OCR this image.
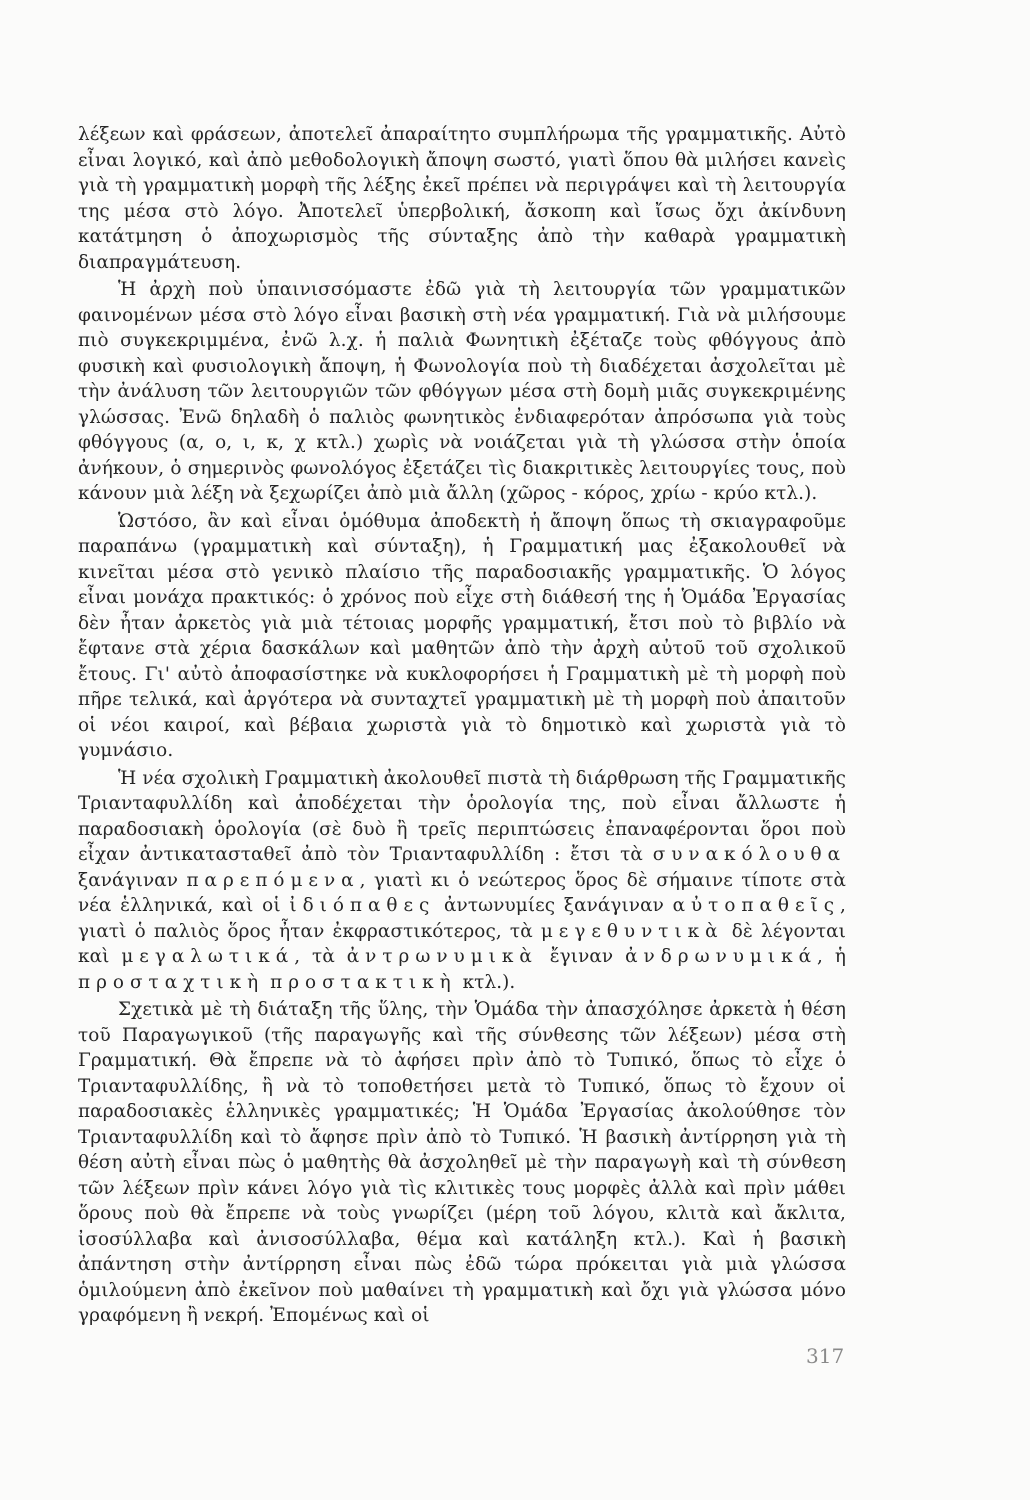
λέξεων καὶ φράσεων, ἀποτελεῖ ἀπαραίτητο συμπλήρωμα τῆς γραμματικῆς. Αὐτὸ εἶναι λογικό, καὶ ἀπὸ μεθοδολογικὴ ἄποψη σωστό, γιατὶ ὅπου θὰ μιλήσει κανεὶς γιὰ τὴ γραμματικὴ μορφὴ τῆς λέξης ἐκεῖ πρέπει νὰ περιγράψει καὶ τὴ λειτουργία της μέσα στὸ λόγο. Ἀποτελεῖ ὑπερβολική, ἄσκοπη καὶ ἴσως ὄχι ἀκίνδυνη κατάτμηση ὁ ἀποχωρισμὸς τῆς σύνταξης ἀπὸ τὴν καθαρὰ γραμματικὴ διαπραγμάτευση.

Ἡ ἀρχὴ ποὺ ὑπαινισσόμαστε ἐδῶ γιὰ τὴ λειτουργία τῶν γραμματικῶν φαινομένων μέσα στὸ λόγο εἶναι βασικὴ στὴ νέα γραμματική. Γιὰ νὰ μιλήσουμε πιὸ συγκεκριμμένα, ἐνῶ λ.χ. ἡ παλιὰ Φωνητικὴ ἐξέταζε τοὺς φθόγγους ἀπὸ φυσικὴ καὶ φυσιολογικὴ ἄποψη, ἡ Φωνολογία ποὺ τὴ διαδέχεται ἀσχολεῖται μὲ τὴν ἀνάλυση τῶν λειτουργιῶν τῶν φθόγγων μέσα στὴ δομὴ μιᾶς συγκεκριμένης γλώσσας. Ἐνῶ δηλαδὴ ὁ παλιὸς φωνητικὸς ἐνδιαφερόταν ἀπρόσωπα γιὰ τοὺς φθόγγους (α, ο, ι, κ, χ κτλ.) χωρὶς νὰ νοιάζεται γιὰ τὴ γλώσσα στὴν ὁποία ἀνήκουν, ὁ σημερινὸς φωνολόγος ἐξετάζει τὶς διακριτικὲς λειτουργίες τους, ποὺ κάνουν μιὰ λέξη νὰ ξεχωρίζει ἀπὸ μιὰ ἄλλη (χῶρος - κόρος, χρίω - κρύο κτλ.).

Ὡστόσο, ἂν καὶ εἶναι ὁμόθυμα ἀποδεκτὴ ἡ ἄποψη ὅπως τὴ σκιαγραφοῦμε παραπάνω (γραμματικὴ καὶ σύνταξη), ἡ Γραμματική μας ἐξακολουθεῖ νὰ κινεῖται μέσα στὸ γενικὸ πλαίσιο τῆς παραδοσιακῆς γραμματικῆς. Ὁ λόγος εἶναι μονάχα πρακτικός: ὁ χρόνος ποὺ εἶχε στὴ διάθεσή της ἡ Ὁμάδα Ἐργασίας δὲν ἦταν ἀρκετὸς γιὰ μιὰ τέτοιας μορφῆς γραμματική, ἔτσι ποὺ τὸ βιβλίο νὰ ἔφτανε στὰ χέρια δασκάλων καὶ μαθητῶν ἀπὸ τὴν ἀρχὴ αὐτοῦ τοῦ σχολικοῦ ἔτους. Γι' αὐτὸ ἀποφασίστηκε νὰ κυκλοφορήσει ἡ Γραμματικὴ μὲ τὴ μορφὴ ποὺ πῆρε τελικά, καὶ ἀργότερα νὰ συνταχτεῖ γραμματικὴ μὲ τὴ μορφὴ ποὺ ἀπαιτοῦν οἱ νέοι καιροί, καὶ βέβαια χωριστὰ γιὰ τὸ δημοτικὸ καὶ χωριστὰ γιὰ τὸ γυμνάσιο.

Ἡ νέα σχολικὴ Γραμματικὴ ἀκολουθεῖ πιστὰ τὴ διάρθρωση τῆς Γραμματικῆς Τριανταφυλλίδη καὶ ἀποδέχεται τὴν ὁρολογία της, ποὺ εἶναι ἄλλωστε ἡ παραδοσιακὴ ὁρολογία (σὲ δυὸ ἢ τρεῖς περιπτώσεις ἐπαναφέρονται ὅροι ποὺ εἶχαν ἀντικατασταθεῖ ἀπὸ τὸν Τριανταφυλλίδη : ἔτσι τὰ συνακόλουθα ξανάγιναν παρεπόμενα, γιατὶ κι ὁ νεώτερος ὅρος δὲ σήμαινε τίποτε στὰ νέα ἑλληνικά, καὶ οἱ ἰδιόπαθες ἀντωνυμίες ξανάγιναν αὐτοπαθεῖς, γιατὶ ὁ παλιὸς ὅρος ἦταν ἐκφραστικότερος, τὰ μεγεθυντικὰ δὲ λέγονται καὶ μεγαλωτικά, τὰ ἀντρωνυμικὰ ἔγιναν ἀνδρωνυμικά, ἡ προσταχτικὴ προστακτικὴ κτλ.).

Σχετικὰ μὲ τὴ διάταξη τῆς ὕλης, τὴν Ὁμάδα τὴν ἀπασχόλησε ἀρκετὰ ἡ θέση τοῦ Παραγωγικοῦ (τῆς παραγωγῆς καὶ τῆς σύνθεσης τῶν λέξεων) μέσα στὴ Γραμματική. Θὰ ἔπρεπε νὰ τὸ ἀφήσει πρὶν ἀπὸ τὸ Τυπικό, ὅπως τὸ εἶχε ὁ Τριανταφυλλίδης, ἢ νὰ τὸ τοποθετήσει μετὰ τὸ Τυπικό, ὅπως τὸ ἔχουν οἱ παραδοσιακὲς ἑλληνικὲς γραμματικές; Ἡ Ὁμάδα Ἐργασίας ἀκολούθησε τὸν Τριανταφυλλίδη καὶ τὸ ἄφησε πρὶν ἀπὸ τὸ Τυπικό. Ἡ βασικὴ ἀντίρρηση γιὰ τὴ θέση αὐτὴ εἶναι πὼς ὁ μαθητὴς θὰ ἀσχοληθεῖ μὲ τὴν παραγωγὴ καὶ τὴ σύνθεση τῶν λέξεων πρὶν κάνει λόγο γιὰ τὶς κλιτικὲς τους μορφὲς ἀλλὰ καὶ πρὶν μάθει ὅρους ποὺ θὰ ἔπρεπε νὰ τοὺς γνωρίζει (μέρη τοῦ λόγου, κλιτὰ καὶ ἄκλιτα, ἰσοσύλλαβα καὶ ἀνισοσύλλαβα, θέμα καὶ κατάληξη κτλ.). Καὶ ἡ βασικὴ ἀπάντηση στὴν ἀντίρρηση εἶναι πὼς ἐδῶ τώρα πρόκειται γιὰ μιὰ γλώσσα ὁμιλούμενη ἀπὸ ἐκεῖνον ποὺ μαθαίνει τὴ γραμματικὴ καὶ ὄχι γιὰ γλώσσα μόνο γραφόμενη ἢ νεκρή. Ἐπομένως καὶ οἱ

317
